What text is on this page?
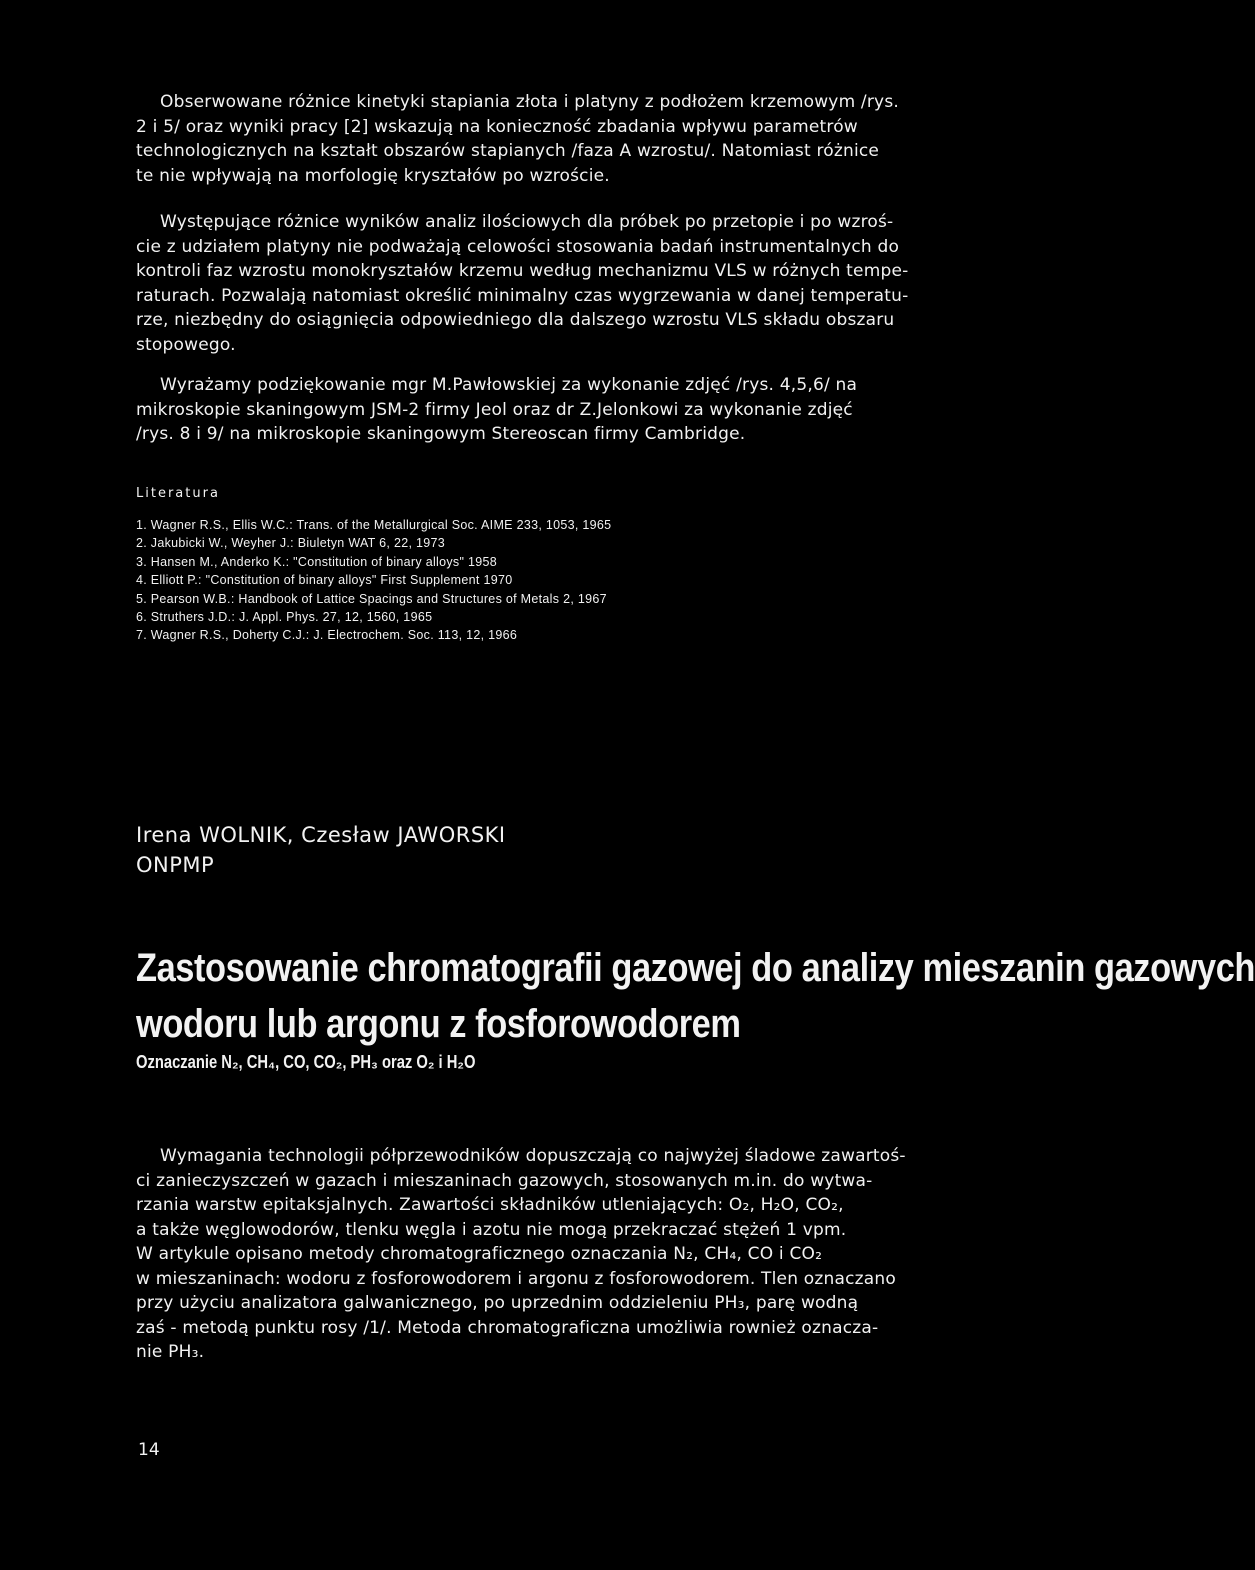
Obserwowane różnice kinetyki stapiania złota i platyny z podłożem krzemowym /rys.
2 i 5/ oraz wyniki pracy [2] wskazują na konieczność zbadania wpływu parametrów
technologicznych na kształt obszarów stapianych /faza A wzrostu/. Natomiast różnice
te nie wpływają na morfologię kryształów po wzroście.

Występujące różnice wyników analiz ilościowych dla próbek po przetopie i po wzroś-
cie z udziałem platyny nie podważają celowości stosowania badań instrumentalnych do
kontroli faz wzrostu monokryształów krzemu według mechanizmu VLS w różnych tempe-
raturach. Pozwalają natomiast określić minimalny czas wygrzewania w danej temperatu-
rze, niezbędny do osiągnięcia odpowiedniego dla dalszego wzrostu VLS składu obszaru
stopowego.

Wyrażamy podziękowanie mgr M.Pawłowskiej za wykonanie zdjęć /rys. 4,5,6/ na
mikroskopie skaningowym JSM-2 firmy Jeol oraz dr Z.Jelonkowi za wykonanie zdjęć
/rys. 8 i 9/ na mikroskopie skaningowym Stereoscan firmy Cambridge.

Literatura
1. Wagner R.S., Ellis W.C.: Trans. of the Metallurgical Soc. AIME 233, 1053, 1965
2. Jakubicki W., Weyher J.: Biuletyn WAT 6, 22, 1973
3. Hansen M., Anderko K.: "Constitution of binary alloys" 1958
4. Elliott P.: "Constitution of binary alloys" First Supplement 1970
5. Pearson W.B.: Handbook of Lattice Spacings and Structures of Metals 2, 1967
6. Struthers J.D.: J. Appl. Phys. 27, 12, 1560, 1965
7. Wagner R.S., Doherty C.J.: J. Electrochem. Soc. 113, 12, 1966
Irena WOLNIK, Czesław JAWORSKI
ONPMP
Zastosowanie chromatografii gazowej do analizy mieszanin gazowych
wodoru lub argonu z fosforowodorem
Oznaczanie N₂, CH₄, CO, CO₂, PH₃ oraz O₂ i H₂O

Wymagania technologii półprzewodników dopuszczają co najwyżej śladowe zawartoś-
ci zanieczyszczeń w gazach i mieszaninach gazowych, stosowanych m.in. do wytwa-
rzania warstw epitaksjalnych. Zawartości składników utleniających: O₂, H₂O, CO₂,
a także węglowodorów, tlenku węgla i azotu nie mogą przekraczać stężeń 1 vpm.
W artykule opisano metody chromatograficznego oznaczania N₂, CH₄, CO i CO₂
w mieszaninach: wodoru z fosforowodorem i argonu z fosforowodorem. Tlen oznaczano
przy użyciu analizatora galwanicznego, po uprzednim oddzieleniu PH₃, parę wodną
zaś - metodą punktu rosy /1/. Metoda chromatograficzna umożliwia rownież oznacza-
nie PH₃.

14
